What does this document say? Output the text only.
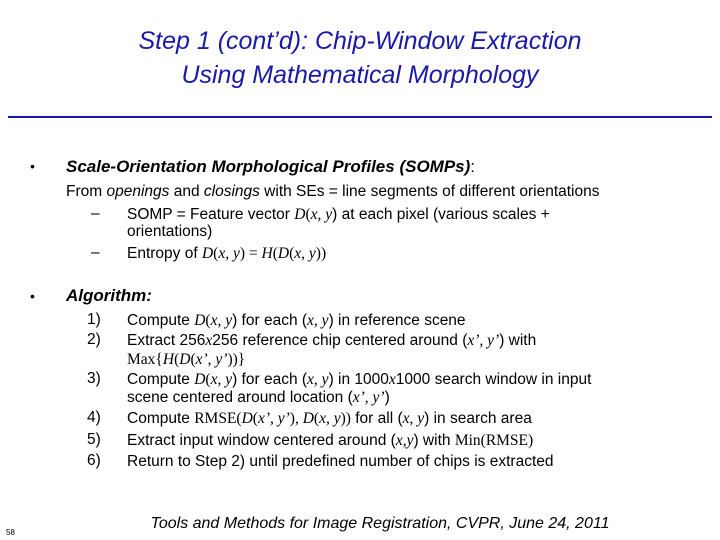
Step 1 (cont’d): Chip-Window Extraction
Using Mathematical Morphology
• Scale-Orientation Morphological Profiles (SOMPs):
From openings and closings with SEs = line segments of different orientations
– SOMP = Feature vector D(x, y) at each pixel (various scales +
orientations)
– Entropy of D(x, y) = H(D(x, y))
• Algorithm:
1) Compute D(x, y) for each (x, y) in reference scene
2) Extract 256x256 reference chip centered around (x’, y’) with
Max{H(D(x’, y’))}
3) Compute D(x, y) for each (x, y) in 1000x1000 search window in input
scene centered around location (x’, y’)
4) Compute RMSE(D(x’, y’), D(x, y)) for all (x, y) in search area
5) Extract input window centered around (x,y) with Min(RMSE)
6) Return to Step 2) until predefined number of chips is extracted
Tools and Methods for Image Registration, CVPR, June 24, 2011
58
